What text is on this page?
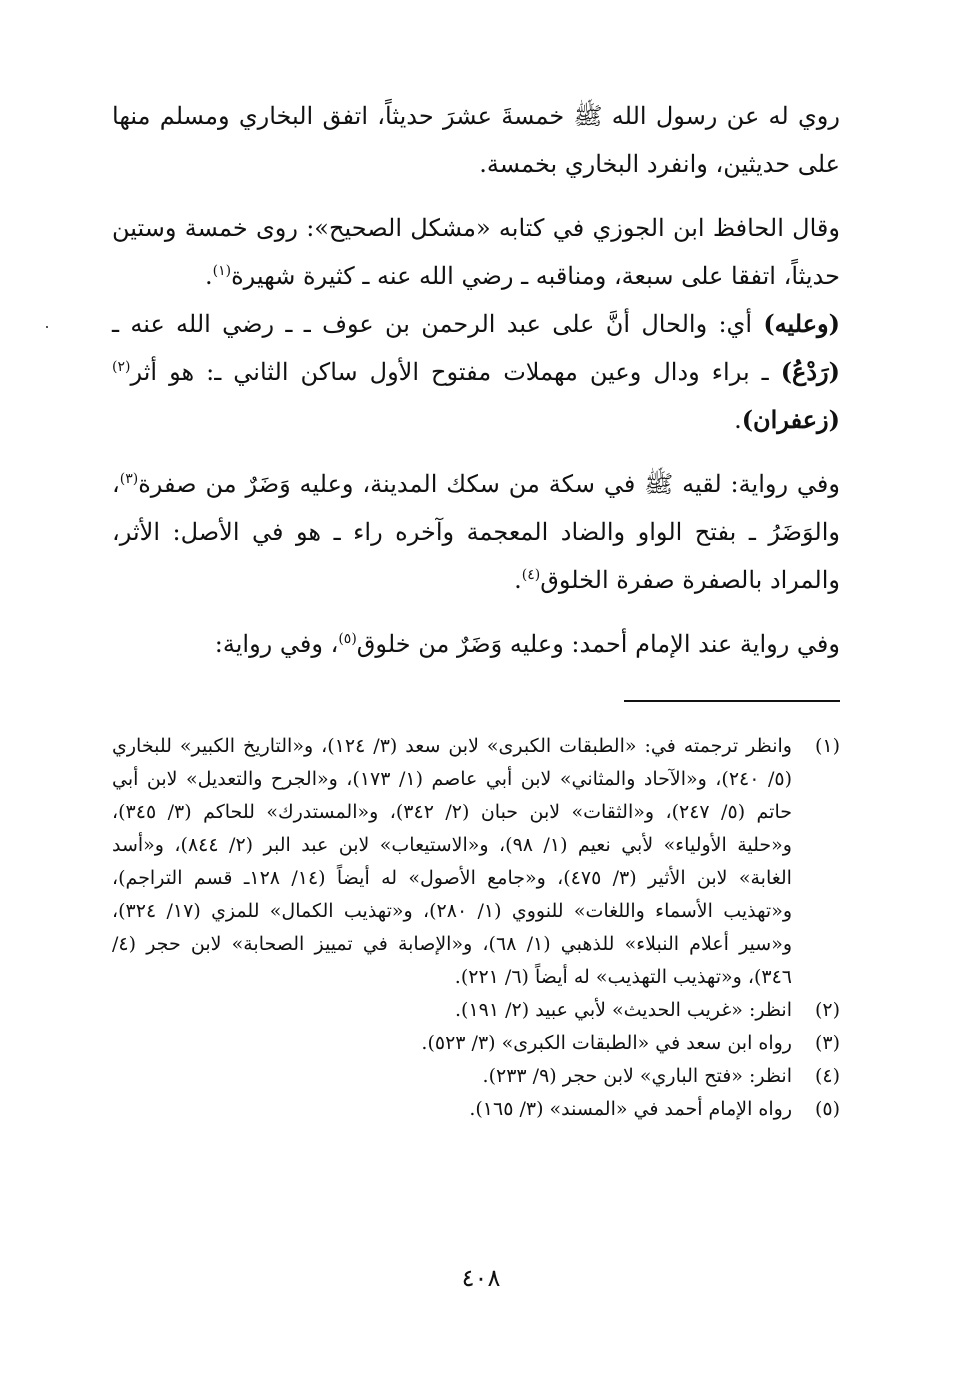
روي له عن رسول الله ﷺ خمسةَ عشرَ حديثاً، اتفق البخاري ومسلم منها على حديثين، وانفرد البخاري بخمسة.

وقال الحافظ ابن الجوزي في كتابه «مشكل الصحيح»: روى خمسة وستين حديثاً، اتفقا على سبعة، ومناقبه ـ رضي الله عنه ـ كثيرة شهيرة$^{(١)}$.
(وعليه) أي: والحال أنَّ على عبد الرحمن بن عوف ـ ـ رضي الله عنه ـ (رَدْعُ) ـ براء ودال وعين مهملات مفتوح الأول ساكن الثاني ـ: هو أثر$^{(٢)}$ (زعفران).

وفي رواية: لقيه ﷺ في سكة من سكك المدينة، وعليه وَضَرٌ من صفرة$^{(٣)}$، والوَضَرُ ـ بفتح الواو والضاد المعجمة وآخره راء ـ هو في الأصل: الأثر، والمراد بالصفرة صفرة الخلوق$^{(٤)}$.

وفي رواية عند الإمام أحمد: وعليه وَضَرٌ من خلوق$^{(٥)}$، وفي رواية:

(١)
وانظر ترجمته في: «الطبقات الكبرى» لابن سعد (٣/ ١٢٤)، و«التاريخ الكبير» للبخاري (٥/ ٢٤٠)، و«الآحاد والمثاني» لابن أبي عاصم (١/ ١٧٣)، و«الجرح والتعديل» لابن أبي حاتم (٥/ ٢٤٧)، و«الثقات» لابن حبان (٢/ ٣٤٢)، و«المستدرك» للحاكم (٣/ ٣٤٥)، و«حلية الأولياء» لأبي نعيم (١/ ٩٨)، و«الاستيعاب» لابن عبد البر (٢/ ٨٤٤)، و«أسد الغابة» لابن الأثير (٣/ ٤٧٥)، و«جامع الأصول» له أيضاً (١٤/ ١٢٨ـ قسم التراجم)، و«تهذيب الأسماء واللغات» للنووي (١/ ٢٨٠)، و«تهذيب الكمال» للمزي (١٧/ ٣٢٤)، و«سير أعلام النبلاء» للذهبي (١/ ٦٨)، و«الإصابة في تمييز الصحابة» لابن حجر (٤/ ٣٤٦)، و«تهذيب التهذيب» له أيضاً (٦/ ٢٢١).
(٢)
انظر: «غريب الحديث» لأبي عبيد (٢/ ١٩١).
(٣)
رواه ابن سعد في «الطبقات الكبرى» (٣/ ٥٢٣).
(٤)
انظر: «فتح الباري» لابن حجر (٩/ ٢٣٣).
(٥)
رواه الإمام أحمد في «المسند» (٣/ ١٦٥).
٤٠٨
